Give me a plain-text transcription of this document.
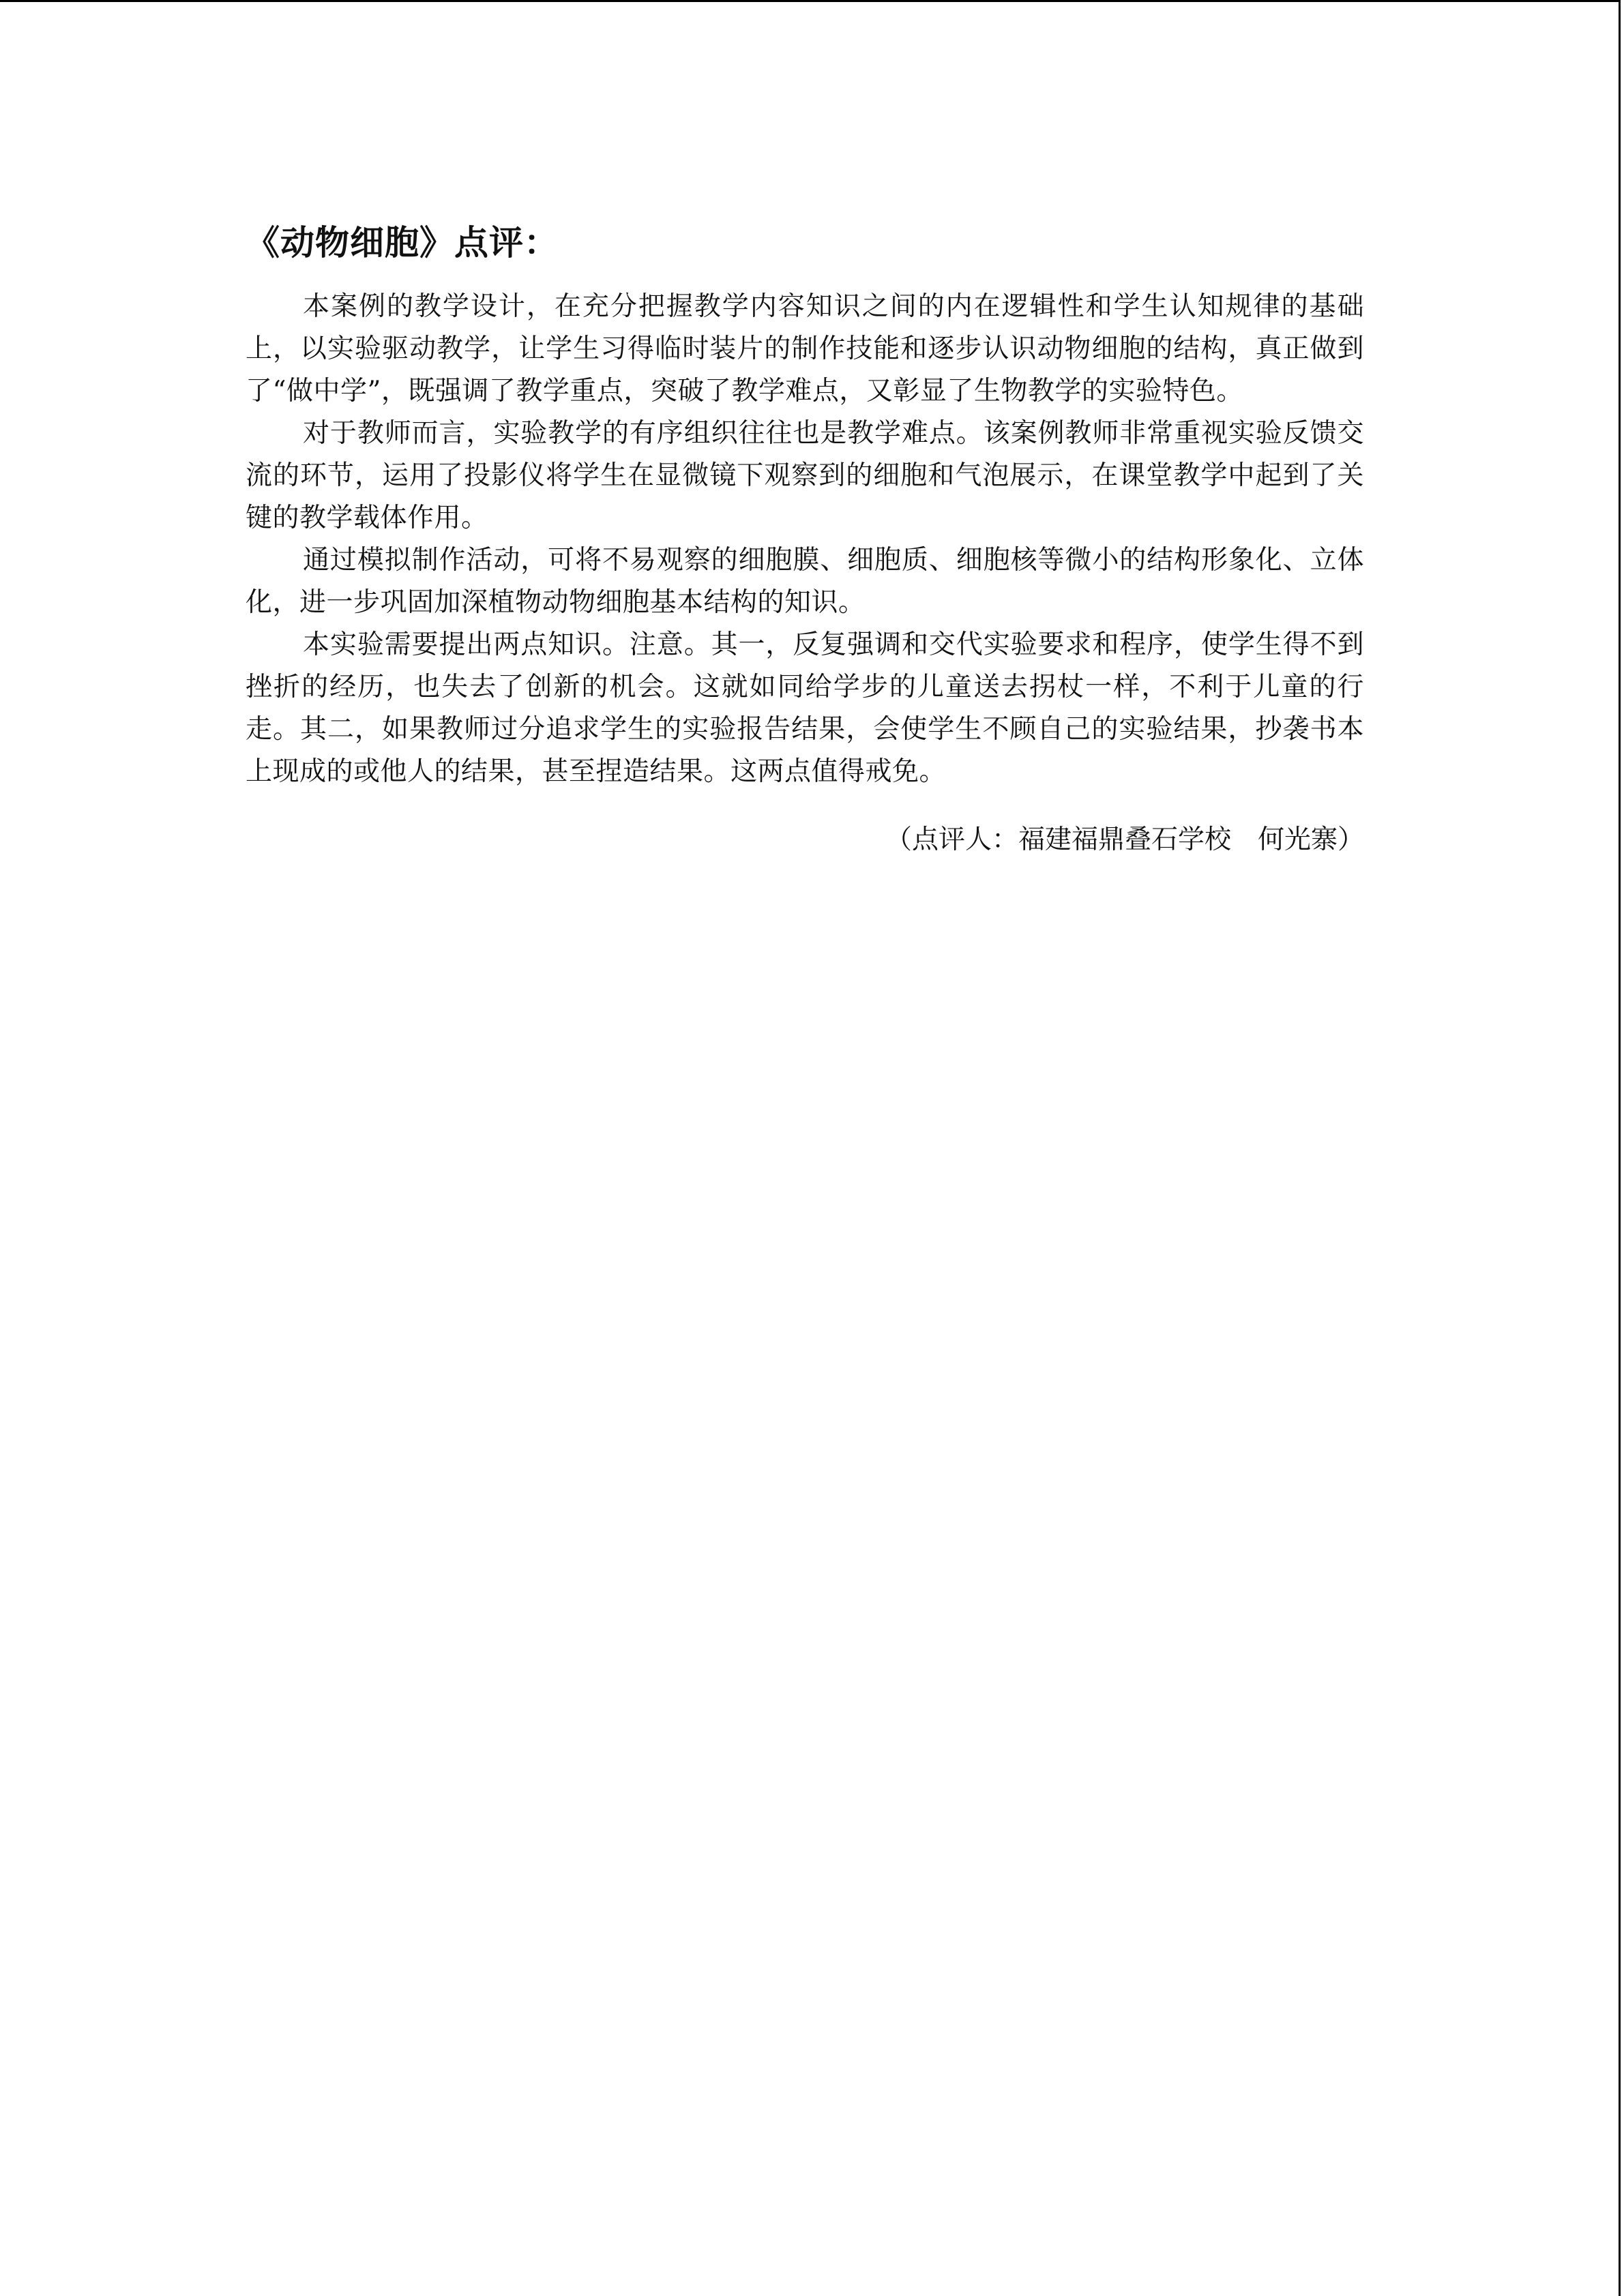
《动物细胞》点评：

本案例的教学设计，在充分把握教学内容知识之间的内在逻辑性和学生认知规律的基础上，以实验驱动教学，让学生习得临时装片的制作技能和逐步认识动物细胞的结构，真正做到了“做中学”，既强调了教学重点，突破了教学难点，又彰显了生物教学的实验特色。

对于教师而言，实验教学的有序组织往往也是教学难点。该案例教师非常重视实验反馈交流的环节，运用了投影仪将学生在显微镜下观察到的细胞和气泡展示，在课堂教学中起到了关键的教学载体作用。

通过模拟制作活动，可将不易观察的细胞膜、细胞质、细胞核等微小的结构形象化、立体化，进一步巩固加深植物动物细胞基本结构的知识。

本实验需要提出两点知识。注意。其一，反复强调和交代实验要求和程序，使学生得不到挫折的经历，也失去了创新的机会。这就如同给学步的儿童送去拐杖一样，不利于儿童的行走。其二，如果教师过分追求学生的实验报告结果，会使学生不顾自己的实验结果，抄袭书本上现成的或他人的结果，甚至捏造结果。这两点值得戒免。

（点评人：福建福鼎叠石学校　何光寨）
